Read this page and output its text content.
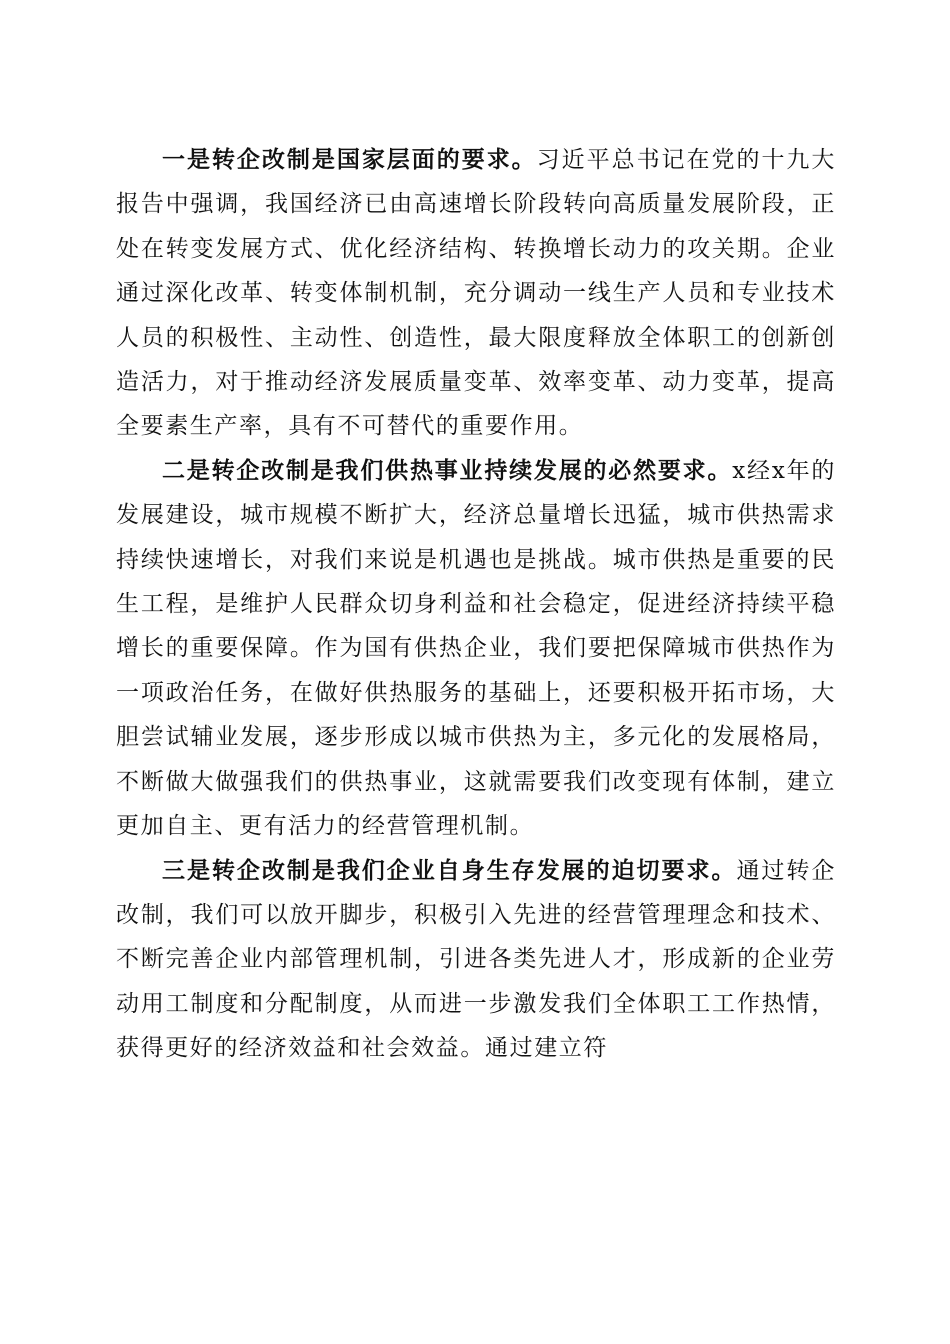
一是转企改制是国家层面的要求。习近平总书记在党的十九大报告中强调，我国经济已由高速增长阶段转向高质量发展阶段，正处在转变发展方式、优化经济结构、转换增长动力的攻关期。企业通过深化改革、转变体制机制，充分调动一线生产人员和专业技术人员的积极性、主动性、创造性，最大限度释放全体职工的创新创造活力，对于推动经济发展质量变革、效率变革、动力变革，提高全要素生产率，具有不可替代的重要作用。

二是转企改制是我们供热事业持续发展的必然要求。x经x年的发展建设，城市规模不断扩大，经济总量增长迅猛，城市供热需求持续快速增长，对我们来说是机遇也是挑战。城市供热是重要的民生工程，是维护人民群众切身利益和社会稳定，促进经济持续平稳增长的重要保障。作为国有供热企业，我们要把保障城市供热作为一项政治任务，在做好供热服务的基础上，还要积极开拓市场，大胆尝试辅业发展，逐步形成以城市供热为主，多元化的发展格局，不断做大做强我们的供热事业，这就需要我们改变现有体制，建立更加自主、更有活力的经营管理机制。

三是转企改制是我们企业自身生存发展的迫切要求。通过转企改制，我们可以放开脚步，积极引入先进的经营管理理念和技术、不断完善企业内部管理机制，引进各类先进人才，形成新的企业劳动用工制度和分配制度，从而进一步激发我们全体职工工作热情，获得更好的经济效益和社会效益。通过建立符
